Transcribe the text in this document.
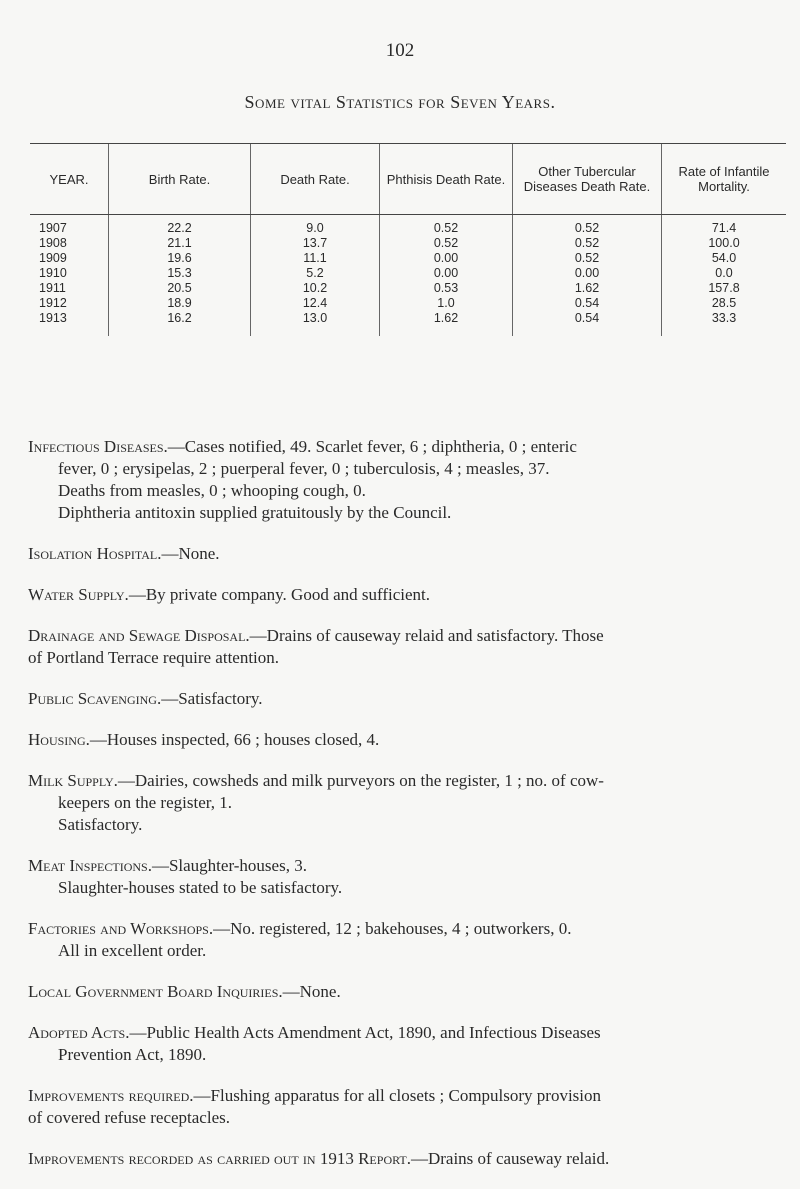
102
Some vital Statistics for Seven Years.
YEAR.	Birth Rate.	Death Rate.	Phthisis Death Rate.	Other Tubercular Diseases Death Rate.	Rate of Infantile Mortality.
1907	22.2	9.0	0.52	0.52	71.4
1908	21.1	13.7	0.52	0.52	100.0
1909	19.6	11.1	0.00	0.52	54.0
1910	15.3	5.2	0.00	0.00	0.0
1911	20.5	10.2	0.53	1.62	157.8
1912	18.9	12.4	1.0	0.54	28.5
1913	16.2	13.0	1.62	0.54	33.3
Infectious Diseases.—Cases notified, 49. Scarlet fever, 6 ; diphtheria, 0 ; enteric
fever, 0 ; erysipelas, 2 ; puerperal fever, 0 ; tuberculosis, 4 ; measles, 37.
Deaths from measles, 0 ; whooping cough, 0.
Diphtheria antitoxin supplied gratuitously by the Council.
Isolation Hospital.—None.
Water Supply.—By private company. Good and sufficient.
Drainage and Sewage Disposal.—Drains of causeway relaid and satisfactory. Those
of Portland Terrace require attention.
Public Scavenging.—Satisfactory.
Housing.—Houses inspected, 66 ; houses closed, 4.
Milk Supply.—Dairies, cowsheds and milk purveyors on the register, 1 ; no. of cow-
keepers on the register, 1.
Satisfactory.
Meat Inspections.—Slaughter-houses, 3.
Slaughter-houses stated to be satisfactory.
Factories and Workshops.—No. registered, 12 ; bakehouses, 4 ; outworkers, 0.
All in excellent order.
Local Government Board Inquiries.—None.
Adopted Acts.—Public Health Acts Amendment Act, 1890, and Infectious Diseases
Prevention Act, 1890.
Improvements required.—Flushing apparatus for all closets ; Compulsory provision
of covered refuse receptacles.
Improvements recorded as carried out in 1913 Report.—Drains of causeway relaid.
